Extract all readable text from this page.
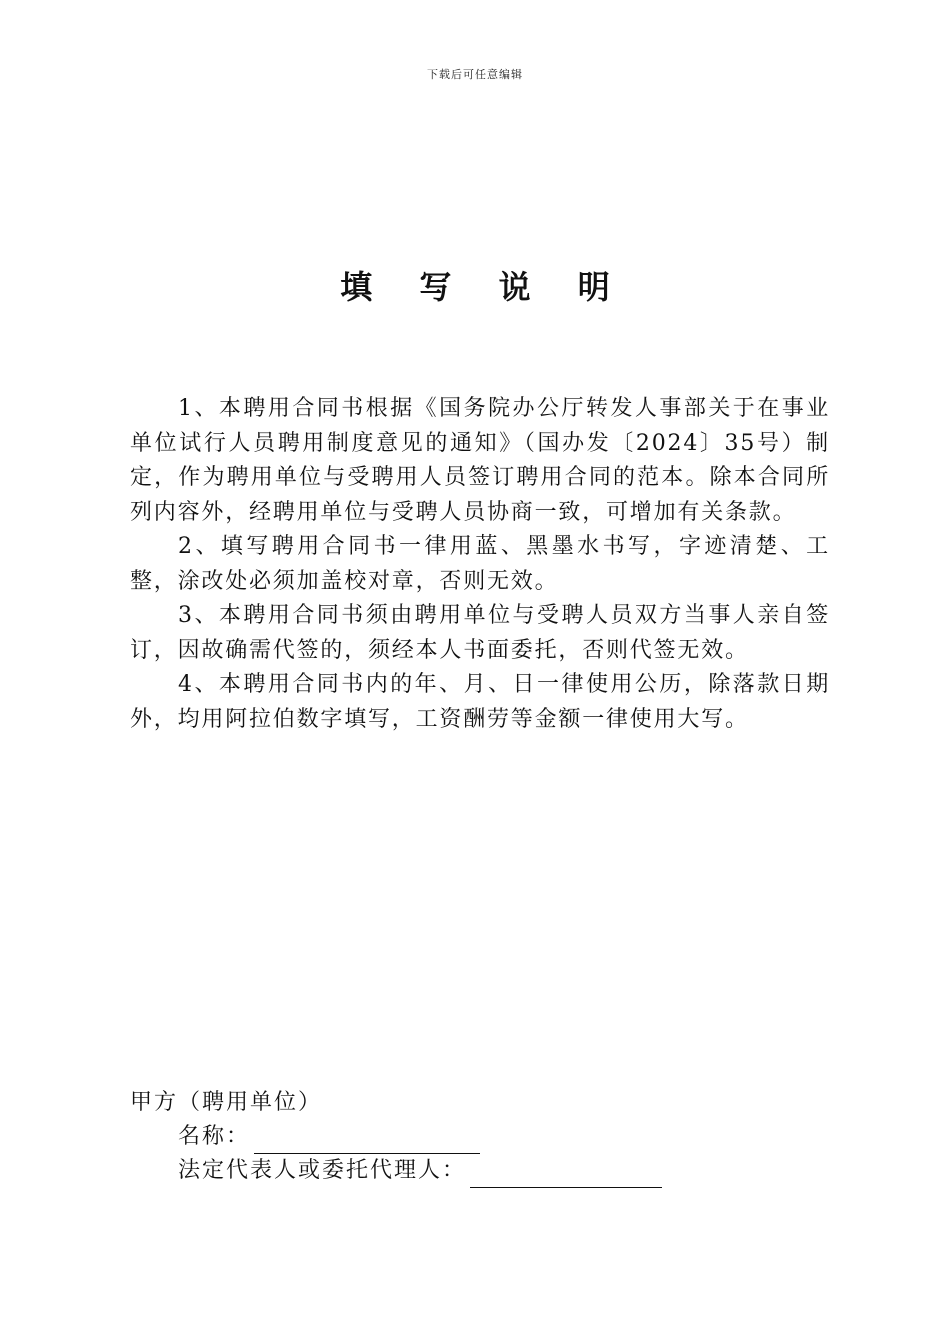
下载后可任意编辑
填 写 说 明

1、本聘用合同书根据《国务院办公厅转发人事部关于在事业单位试行人员聘用制度意见的通知》（国办发〔2024〕35号）制定，作为聘用单位与受聘用人员签订聘用合同的范本。除本合同所列内容外，经聘用单位与受聘人员协商一致，可增加有关条款。

2、填写聘用合同书一律用蓝、黑墨水书写，字迹清楚、工整，涂改处必须加盖校对章，否则无效。

3、本聘用合同书须由聘用单位与受聘人员双方当事人亲自签订，因故确需代签的，须经本人书面委托，否则代签无效。

4、本聘用合同书内的年、月、日一律使用公历，除落款日期外，均用阿拉伯数字填写，工资酬劳等金额一律使用大写。

甲方（聘用单位）

名称：
法定代表人或委托代理人：
